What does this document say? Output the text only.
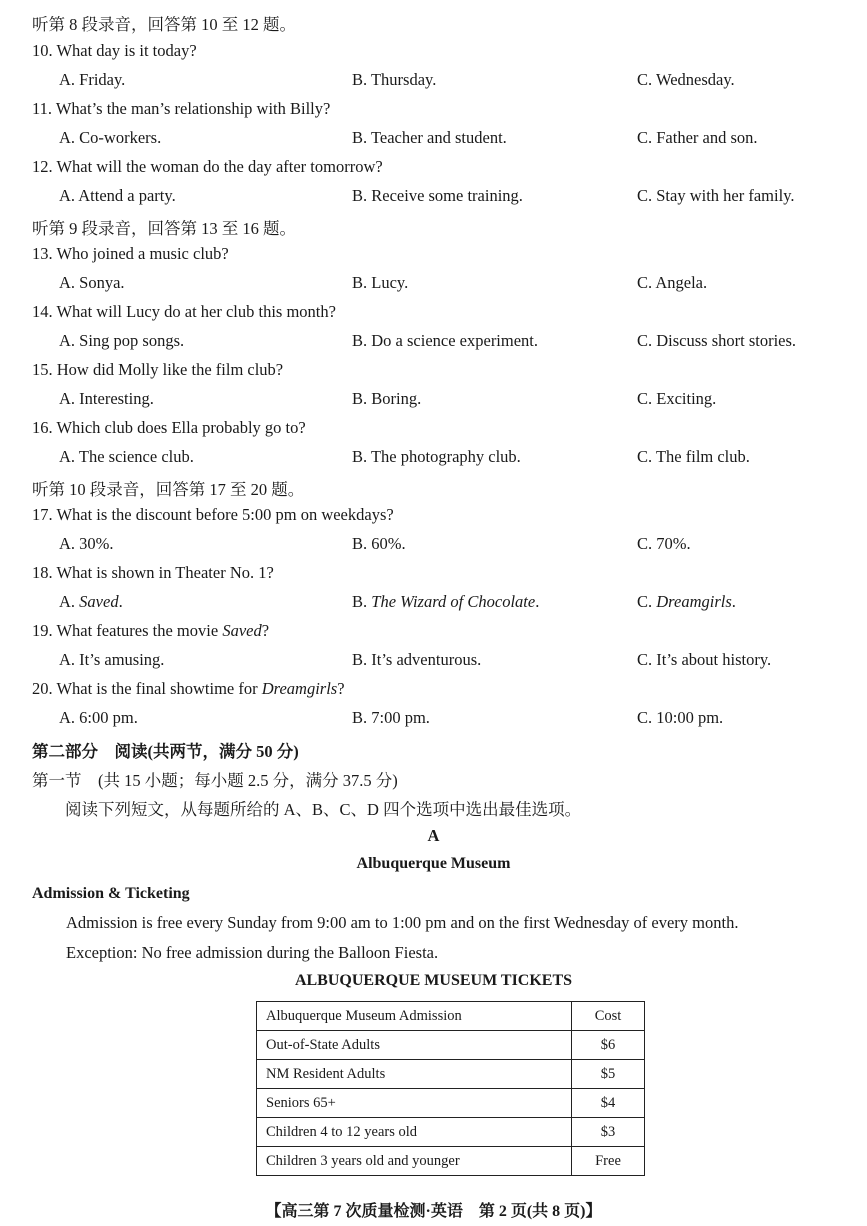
听第 8 段录音，回答第 10 至 12 题。
10. What day is it today?
A. Friday.	B. Thursday.	C. Wednesday.
11. What’s the man’s relationship with Billy?
A. Co-workers.	B. Teacher and student.	C. Father and son.
12. What will the woman do the day after tomorrow?
A. Attend a party.	B. Receive some training.	C. Stay with her family.
听第 9 段录音，回答第 13 至 16 题。
13. Who joined a music club?
A. Sonya.	B. Lucy.	C. Angela.
14. What will Lucy do at her club this month?
A. Sing pop songs.	B. Do a science experiment.	C. Discuss short stories.
15. How did Molly like the film club?
A. Interesting.	B. Boring.	C. Exciting.
16. Which club does Ella probably go to?
A. The science club.	B. The photography club.	C. The film club.
听第 10 段录音，回答第 17 至 20 题。
17. What is the discount before 5:00 pm on weekdays?
A. 30%.	B. 60%.	C. 70%.
18. What is shown in Theater No. 1?
A. Saved.	B. The Wizard of Chocolate.	C. Dreamgirls.
19. What features the movie Saved?
A. It’s amusing.	B. It’s adventurous.	C. It’s about history.
20. What is the final showtime for Dreamgirls?
A. 6:00 pm.	B. 7:00 pm.	C. 10:00 pm.
第二部分　阅读(共两节，满分 50 分)
第一节　(共 15 小题；每小题 2.5 分，满分 37.5 分)
阅读下列短文，从每题所给的 A、B、C、D 四个选项中选出最佳选项。
A
Albuquerque Museum
Admission & Ticketing
Admission is free every Sunday from 9:00 am to 1:00 pm and on the first Wednesday of every month.
Exception: No free admission during the Balloon Fiesta.
ALBUQUERQUE MUSEUM TICKETS
Albuquerque Museum Admission	Cost
Out-of-State Adults	$6
NM Resident Adults	$5
Seniors 65+	$4
Children 4 to 12 years old	$3
Children 3 years old and younger	Free
【高三第 7 次质量检测·英语　第 2 页(共 8 页)】
